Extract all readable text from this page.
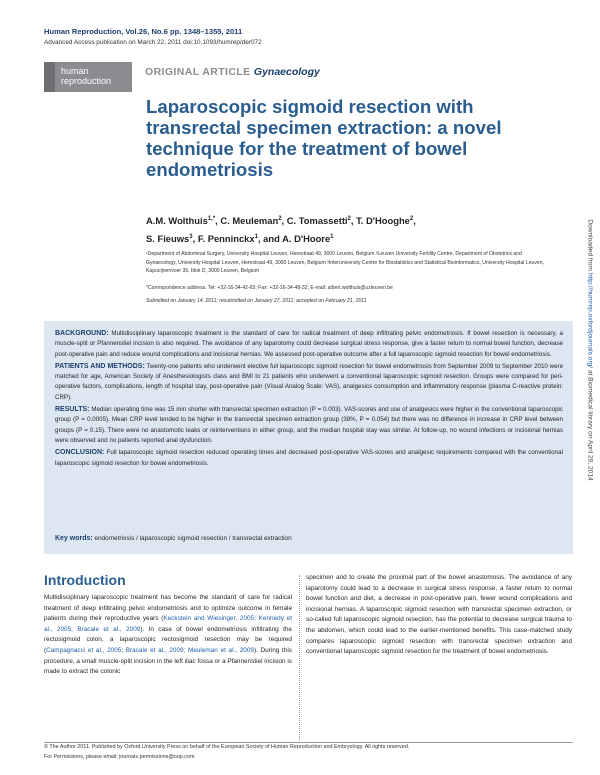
Human Reproduction, Vol.26, No.6 pp. 1348–1355, 2011
Advanced Access publication on March 22, 2011 doi:10.1093/humrep/der072
human
reproduction
ORIGINAL ARTICLE Gynaecology
Laparoscopic sigmoid resection with transrectal specimen extraction: a novel technique for the treatment of bowel endometriosis
A.M. Wolthuis$^{1,*}$, C. Meuleman$^2$, C. Tomassetti$^2$, T. D'Hooghe$^2$,
S. Fieuws$^3$, F. Penninckx$^1$, and A. D'Hoore$^1$
¹Department of Abdominal Surgery, University Hospital Leuven, Herestraat 49, 3000 Leuven, Belgium ²Leuven University Fertility Centre, Department of Obstetrics and Gynaecology, University Hospital Leuven, Herestraat 49, 3000 Leuven, Belgium ³Interuniversity Centre for Biostatistics and Statistical Bioinformatics, University Hospital Leuven, Kapucijnenvoer 35, blok D, 3000 Leuven, Belgium
*Correspondence address. Tel: +32-16-34-42-65; Fax: +32-16-34-48-32; E-mail: albert.wolthuis@uzleuven.be
Submitted on January 14, 2011; resubmitted on January 27, 2011; accepted on February 21, 2011

BACKGROUND: Multidisciplinary laparoscopic treatment is the standard of care for radical treatment of deep infiltrating pelvic endometriosis. If bowel resection is necessary, a muscle-split or Pfannenstiel incision is also required. The avoidance of any laparotomy could decrease surgical stress response, give a faster return to normal bowel function, decrease post-operative pain and reduce wound complications and incisional hernias. We assessed post-operative outcome after a full laparoscopic sigmoid resection for bowel endometriosis.

PATIENTS AND METHODS: Twenty-one patients who underwent elective full laparoscopic sigmoid resection for bowel endometriosis from September 2009 to September 2010 were matched for age, American Society of Anesthesiologists class and BMI to 21 patients who underwent a conventional laparoscopic sigmoid resection. Groups were compared for peri-operative factors, complications, length of hospital stay, post-operative pain (Visual Analog Scale: VAS), analgesics consumption and inflammatory response (plasma C-reactive protein: CRP).

RESULTS: Median operating time was 15 min shorter with transrectal specimen extraction (P = 0.003). VAS-scores and use of analgesics were higher in the conventional laparoscopic group (P = 0.0005). Mean CRP level tended to be higher in the transrectal specimen extraction group (38%, P = 0.054) but there was no difference in increase in CRP level between groups (P = 0.15). There were no anastomotic leaks or reinterventions in either group, and the median hospital stay was similar. At follow-up, no wound infections or incisional hernias were observed and no patients reported anal dysfunction.

CONCLUSION: Full laparoscopic sigmoid resection reduced operating times and decreased post-operative VAS-scores and analgesic requirements compared with the conventional laparoscopic sigmoid resection for bowel endometriosis.

Key words: endometriosis / laparoscopic sigmoid resection / transrectal extraction
Introduction

Multidisciplinary laparoscopic treatment has become the standard of care for radical treatment of deep infiltrating pelvic endometriosis and to optimize outcome in female patients during their reproductive years (Keckstein and Wiesinger, 2005; Kennedy et al., 2005; Bracale et al., 2009). In case of bowel endometriosis infiltrating the rectosigmoid colon, a laparoscopic rectosigmoid resection may be required (Campagnacci et al., 2005; Bracale et al., 2009; Meuleman et al., 2009). During this procedure, a small muscle-split incision in the left iliac fossa or a Pfannenstiel incision is made to extract the colonic

specimen and to create the proximal part of the bowel anastomosis. The avoidance of any laparotomy could lead to a decrease in surgical stress response, a faster return to normal bowel function and diet, a decrease in post-operative pain, fewer wound complications and incisional hernias. A laparoscopic sigmoid resection with transrectal specimen extraction, or so-called full laparoscopic sigmoid resection, has the potential to decrease surgical trauma to the abdomen, which could lead to the earlier-mentioned benefits. This case-matched study compares laparoscopic sigmoid resection with transrectal specimen extraction and conventional laparoscopic sigmoid resection for the treatment of bowel endometriosis.

© The Author 2011. Published by Oxford University Press on behalf of the European Society of Human Reproduction and Embryology. All rights reserved.
For Permissions, please email: journals.permissions@oup.com
Downloaded from http://humrep.oxfordjournals.org/ at Biomedical library on April 29, 2014
